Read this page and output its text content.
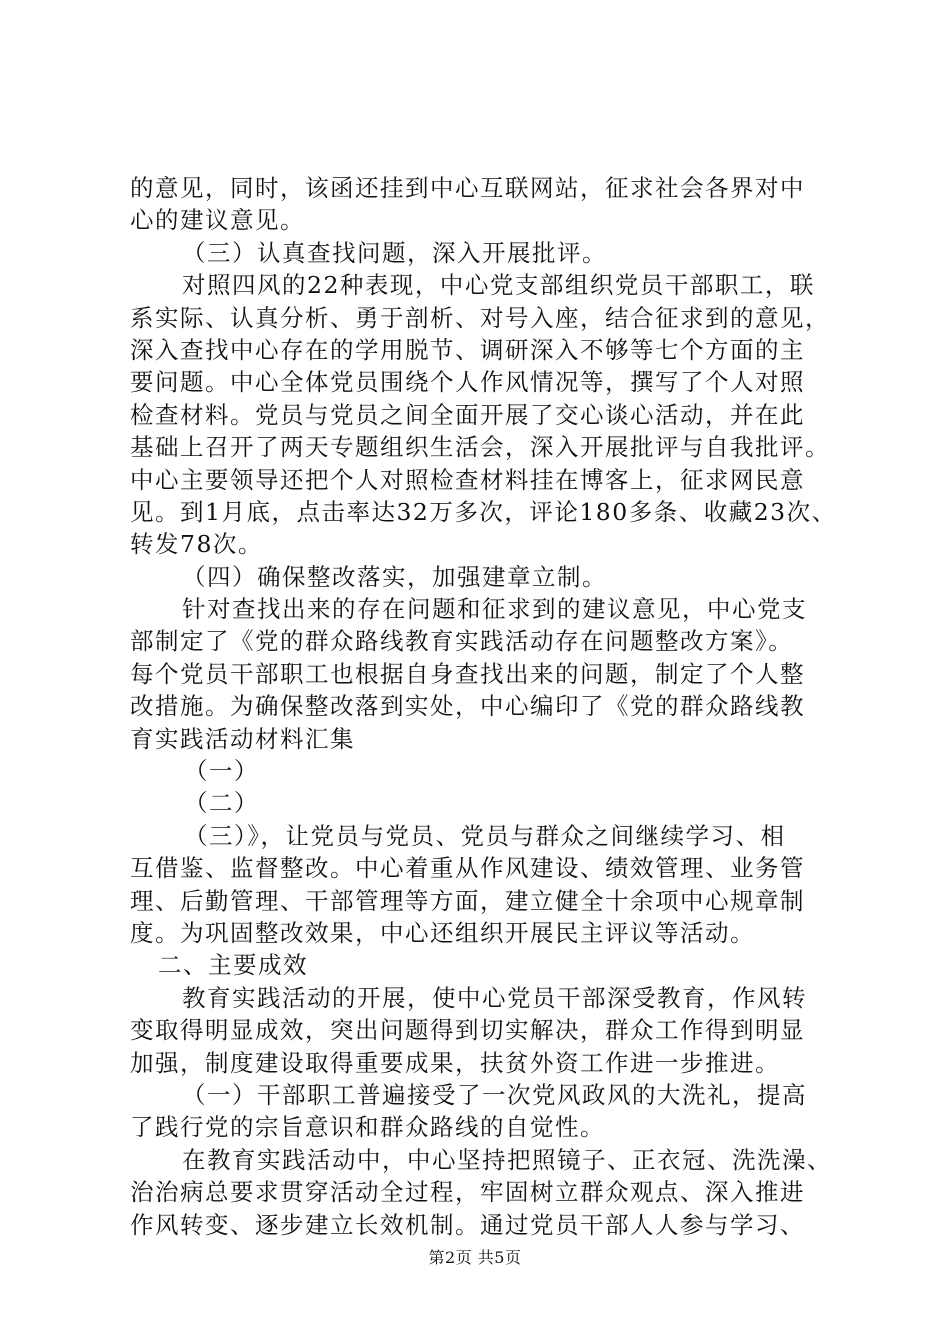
的意见，同时，该函还挂到中心互联网站，征求社会各界对中
心的建议意见。
（三）认真查找问题，深入开展批评。
对照四风的22种表现，中心党支部组织党员干部职工，联
系实际、认真分析、勇于剖析、对号入座，结合征求到的意见，
深入查找中心存在的学用脱节、调研深入不够等七个方面的主
要问题。中心全体党员围绕个人作风情况等，撰写了个人对照
检查材料。党员与党员之间全面开展了交心谈心活动，并在此
基础上召开了两天专题组织生活会，深入开展批评与自我批评。
中心主要领导还把个人对照检查材料挂在博客上，征求网民意
见。到1月底，点击率达32万多次，评论180多条、收藏23次、
转发78次。
（四）确保整改落实，加强建章立制。
针对查找出来的存在问题和征求到的建议意见，中心党支
部制定了《党的群众路线教育实践活动存在问题整改方案》。
每个党员干部职工也根据自身查找出来的问题，制定了个人整
改措施。为确保整改落到实处，中心编印了《党的群众路线教
育实践活动材料汇集
（一）
（二）
（三）》，让党员与党员、党员与群众之间继续学习、相
互借鉴、监督整改。中心着重从作风建设、绩效管理、业务管
理、后勤管理、干部管理等方面，建立健全十余项中心规章制
度。为巩固整改效果，中心还组织开展民主评议等活动。
二、主要成效
教育实践活动的开展，使中心党员干部深受教育，作风转
变取得明显成效，突出问题得到切实解决，群众工作得到明显
加强，制度建设取得重要成果，扶贫外资工作进一步推进。
（一）干部职工普遍接受了一次党风政风的大洗礼，提高
了践行党的宗旨意识和群众路线的自觉性。
在教育实践活动中，中心坚持把照镜子、正衣冠、洗洗澡、
治治病总要求贯穿活动全过程，牢固树立群众观点、深入推进
作风转变、逐步建立长效机制。通过党员干部人人参与学习、
第2页 共5页
